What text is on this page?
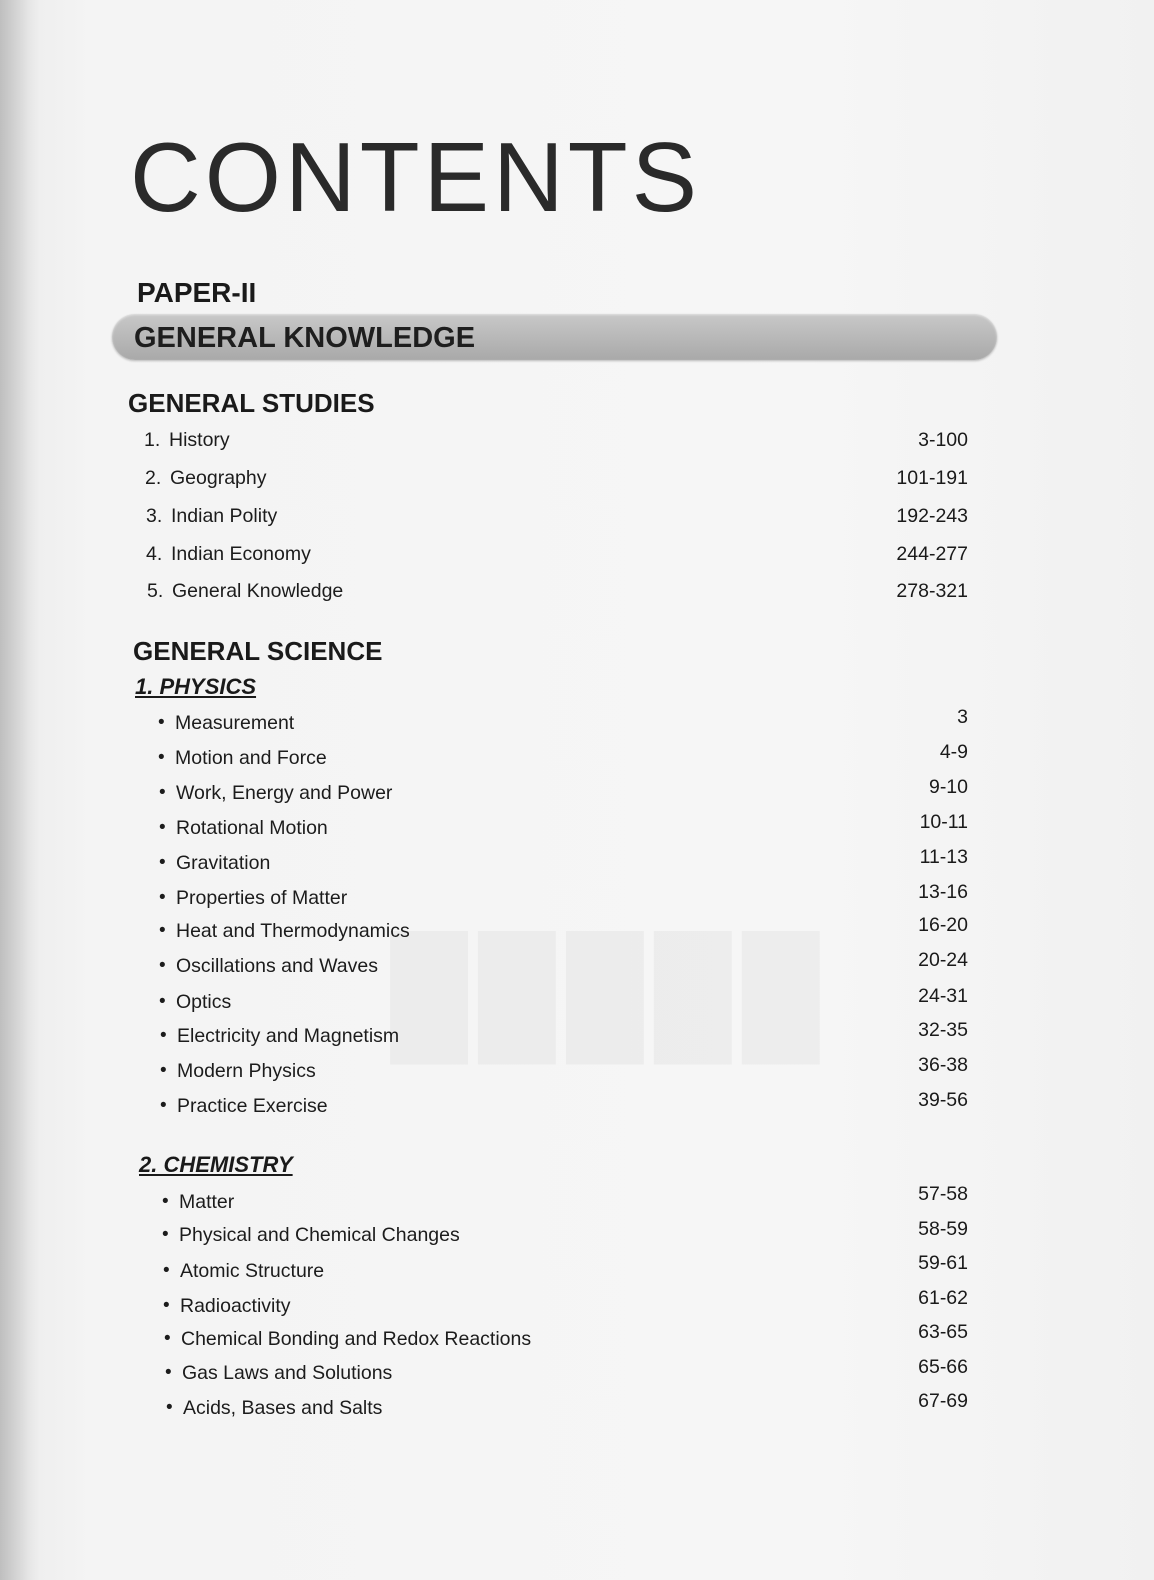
CONTENTS
PAPER-II
GENERAL KNOWLEDGE
GENERAL STUDIES
1. History	3-100
2. Geography	101-191
3. Indian Polity	192-243
4. Indian Economy	244-277
5. General Knowledge	278-321
GENERAL SCIENCE
1. PHYSICS
• Measurement	3
• Motion and Force	4-9
• Work, Energy and Power	9-10
• Rotational Motion	10-11
• Gravitation	11-13
• Properties of Matter	13-16
• Heat and Thermodynamics	16-20
• Oscillations and Waves	20-24
• Optics	24-31
• Electricity and Magnetism	32-35
• Modern Physics	36-38
• Practice Exercise	39-56
2. CHEMISTRY
• Matter	57-58
• Physical and Chemical Changes	58-59
• Atomic Structure	59-61
• Radioactivity	61-62
• Chemical Bonding and Redox Reactions	63-65
• Gas Laws and Solutions	65-66
• Acids, Bases and Salts	67-69
